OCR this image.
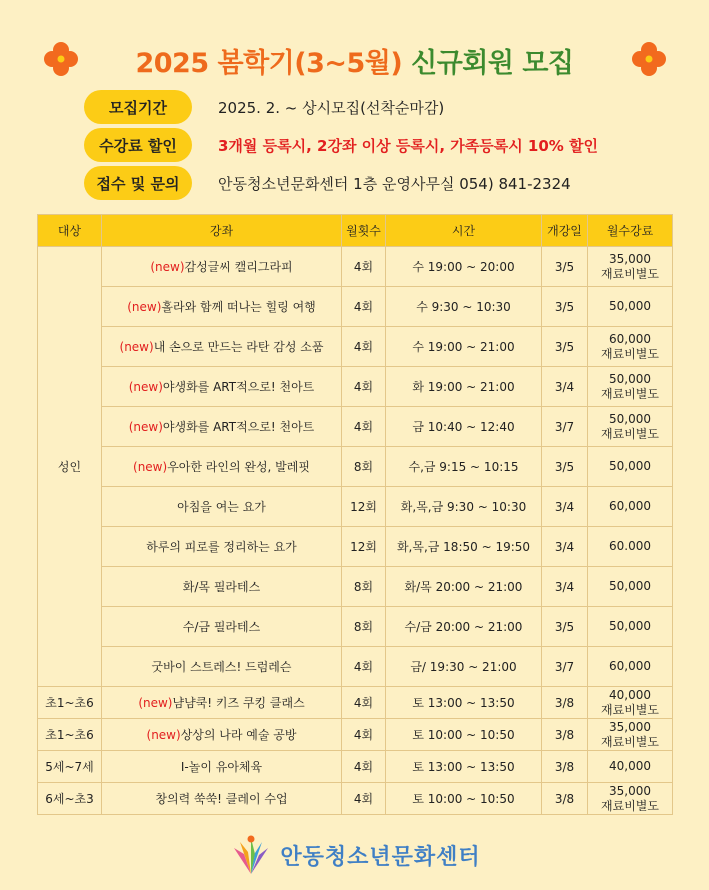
2025 봄학기(3~5월) 신규회원 모집
모집기간	2025. 2. ~ 상시모집(선착순마감)
수강료 할인	3개월 등록시, 2강좌 이상 등록시, 가족등록시 10% 할인
접수 및 문의	안동청소년문화센터 1층 운영사무실 054) 841-2324
대상	강좌	월횟수	시간	개강일	월수강료
성인	(new)감성글씨 캘리그라피	4회	수 19:00 ~ 20:00	3/5	35,000
재료비별도

	(new)홀라와 함께 떠나는 힐링 여행	4회	수 9:30 ~ 10:30	3/5	50,000

	(new)내 손으로 만드는 라탄 감성 소품	4회	수 19:00 ~ 21:00	3/5	60,000
재료비별도

	(new)야생화를 ART적으로! 천아트	4회	화 19:00 ~ 21:00	3/4	50,000
재료비별도

	(new)야생화를 ART적으로! 천아트	4회	금 10:40 ~ 12:40	3/7	50,000
재료비별도

	(new)우아한 라인의 완성, 발레핏	8회	수,금 9:15 ~ 10:15	3/5	50,000

	아침을 여는 요가	12회	화,목,금 9:30 ~ 10:30	3/4	60,000

	하루의 피로를 정리하는 요가	12회	화,목,금 18:50 ~ 19:50	3/4	60.000

	화/목 필라테스	8회	화/목 20:00 ~ 21:00	3/4	50,000

	수/금 필라테스	8회	수/금 20:00 ~ 21:00	3/5	50,000

	굿바이 스트레스! 드럼레슨	4회	금/ 19:30 ~ 21:00	3/7	60,000

초1~초6	(new)냠냠쿡! 키즈 쿠킹 클래스	4회	토 13:00 ~ 13:50	3/8	40,000
재료비별도

초1~초6	(new)상상의 나라 예술 공방	4회	토 10:00 ~ 10:50	3/8	35,000
재료비별도

5세~7세	I-놀이 유아체육	4회	토 13:00 ~ 13:50	3/8	40,000

6세~초3	창의력 쑥쑥! 클레이 수업	4회	토 10:00 ~ 10:50	3/8	35,000
재료비별도
안동청소년문화센터
